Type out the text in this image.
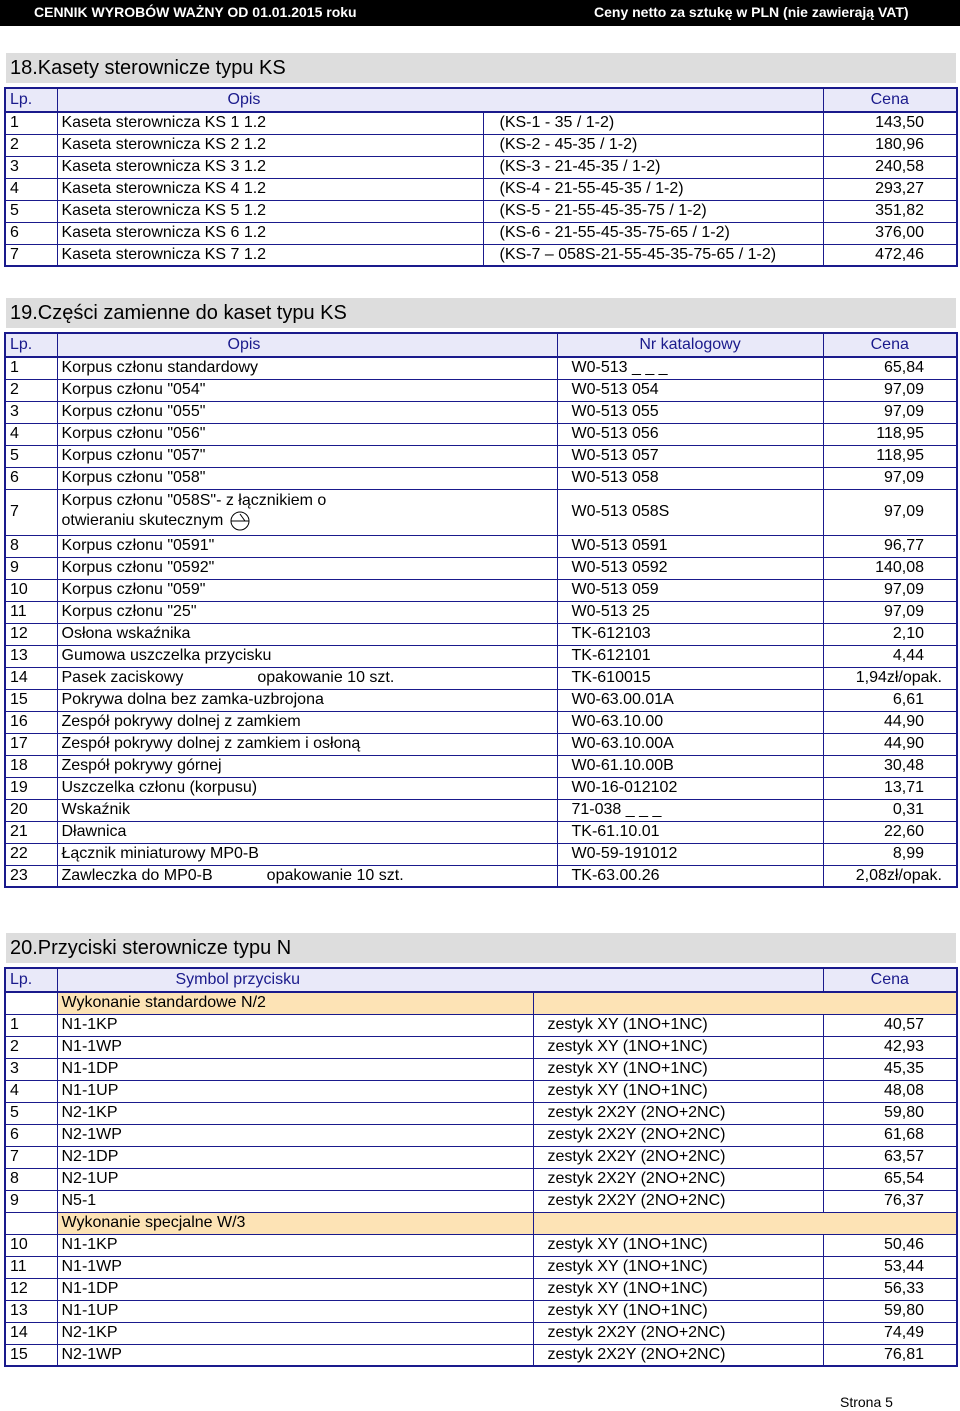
CENNIK WYROBÓW WAŻNY OD 01.01.2015 roku	Ceny netto za sztukę w PLN (nie zawierają VAT)
18.Kasety sterownicze typu KS
Lp.	Opis		Cena
1	Kaseta sterownicza KS 1 1.2	(KS-1 - 35 / 1-2)	143,50
2	Kaseta sterownicza KS 2 1.2	(KS-2 - 45-35 / 1-2)	180,96
3	Kaseta sterownicza KS 3 1.2	(KS-3 - 21-45-35 / 1-2)	240,58
4	Kaseta sterownicza KS 4 1.2	(KS-4 - 21-55-45-35 / 1-2)	293,27
5	Kaseta sterownicza KS 5 1.2	(KS-5 - 21-55-45-35-75 / 1-2)	351,82
6	Kaseta sterownicza KS 6 1.2	(KS-6 - 21-55-45-35-75-65 / 1-2)	376,00
7	Kaseta sterownicza KS 7 1.2	(KS-7 – 058S-21-55-45-35-75-65 / 1-2)	472,46
19.Części zamienne do kaset typu KS
Lp.	Opis	Nr katalogowy	Cena
1	Korpus członu standardowy	W0-513 _ _ _	65,84
2	Korpus członu "054"	W0-513 054	97,09
3	Korpus członu "055"	W0-513 055	97,09
4	Korpus członu "056"	W0-513 056	118,95
5	Korpus członu "057"	W0-513 057	118,95
6	Korpus członu "058"	W0-513 058	97,09
7	Korpus członu "058S"- z łącznikiem o
otwieraniu skutecznym	W0-513 058S	97,09
8	Korpus członu "0591"	W0-513 0591	96,77
9	Korpus członu "0592"	W0-513 0592	140,08
10	Korpus członu "059"	W0-513 059	97,09
11	Korpus członu "25"	W0-513 25	97,09
12	Osłona wskaźnika	TK-612103	2,10
13	Gumowa uszczelka przycisku	TK-612101	4,44
14	Pasek zaciskowy opakowanie 10 szt.	TK-610015	1,94zł/opak.
15	Pokrywa dolna bez zamka-uzbrojona	W0-63.00.01A	6,61
16	Zespół pokrywy dolnej z zamkiem	W0-63.10.00	44,90
17	Zespół pokrywy dolnej z zamkiem i osłoną	W0-63.10.00A	44,90
18	Zespół pokrywy górnej	W0-61.10.00B	30,48
19	Uszczelka członu (korpusu)	W0-16-012102	13,71
20	Wskaźnik	71-038 _ _ _	0,31
21	Dławnica	TK-61.10.01	22,60
22	Łącznik miniaturowy MP0-B	W0-59-191012	8,99
23	Zawleczka do MP0-B opakowanie 10 szt.	TK-63.00.26	2,08zł/opak.
20.Przyciski sterownicze typu N
Lp.	Symbol przycisku		Cena
	Wykonanie standardowe N/2		
1	N1-1KP	zestyk XY (1NO+1NC)	40,57
2	N1-1WP	zestyk XY (1NO+1NC)	42,93
3	N1-1DP	zestyk XY (1NO+1NC)	45,35
4	N1-1UP	zestyk XY (1NO+1NC)	48,08
5	N2-1KP	zestyk 2X2Y (2NO+2NC)	59,80
6	N2-1WP	zestyk 2X2Y (2NO+2NC)	61,68
7	N2-1DP	zestyk 2X2Y (2NO+2NC)	63,57
8	N2-1UP	zestyk 2X2Y (2NO+2NC)	65,54
9	N5-1	zestyk 2X2Y (2NO+2NC)	76,37
	Wykonanie specjalne W/3		
10	N1-1KP	zestyk XY (1NO+1NC)	50,46
11	N1-1WP	zestyk XY (1NO+1NC)	53,44
12	N1-1DP	zestyk XY (1NO+1NC)	56,33
13	N1-1UP	zestyk XY (1NO+1NC)	59,80
14	N2-1KP	zestyk 2X2Y (2NO+2NC)	74,49
15	N2-1WP	zestyk 2X2Y (2NO+2NC)	76,81
Strona 5
